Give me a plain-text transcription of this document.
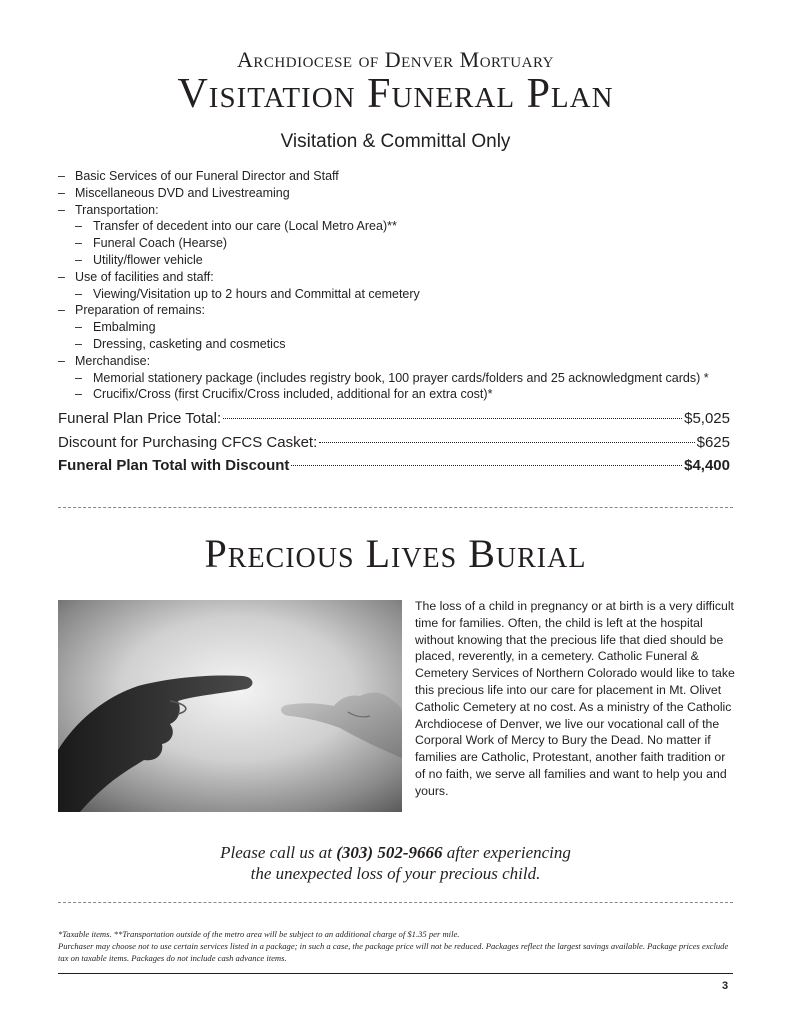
Archdiocese of Denver Mortuary
Visitation Funeral Plan
Visitation & Committal Only
– Basic Services of our Funeral Director and Staff
– Miscellaneous DVD and Livestreaming
– Transportation:
– Transfer of decedent into our care (Local Metro Area)**
– Funeral Coach (Hearse)
– Utility/flower vehicle
– Use of facilities and staff:
– Viewing/Visitation up to 2 hours and Committal at cemetery
– Preparation of remains:
– Embalming
– Dressing, casketing and cosmetics
– Merchandise:
– Memorial stationery package (includes registry book, 100 prayer cards/folders and 25 acknowledgment cards) *
– Crucifix/Cross (first Crucifix/Cross included, additional for an extra cost)*
Funeral Plan Price Total:	$5,025
Discount for Purchasing CFCS Casket:	$625
Funeral Plan Total with Discount	$4,400
Precious Lives Burial
The loss of a child in pregnancy or at birth is a very difficult time for families. Often, the child is left at the hospital without knowing that the precious life that died should be placed, reverently, in a cemetery. Catholic Funeral & Cemetery Services of Northern Colorado would like to take this precious life into our care for placement in Mt. Olivet Catholic Cemetery at no cost. As a ministry of the Catholic Archdiocese of Denver, we live our vocational call of the Corporal Work of Mercy to Bury the Dead. No matter if families are Catholic, Protestant, another faith tradition or of no faith, we serve all families and want to help you and yours.
Please call us at (303) 502-9666 after experiencing
the unexpected loss of your precious child.

*Taxable items. **Transportation outside of the metro area will be subject to an additional charge of $1.35 per mile.

Purchaser may choose not to use certain services listed in a package; in such a case, the package price will not be reduced. Packages reflect the largest savings available. Package prices exclude tax on taxable items. Packages do not include cash advance items.

3
